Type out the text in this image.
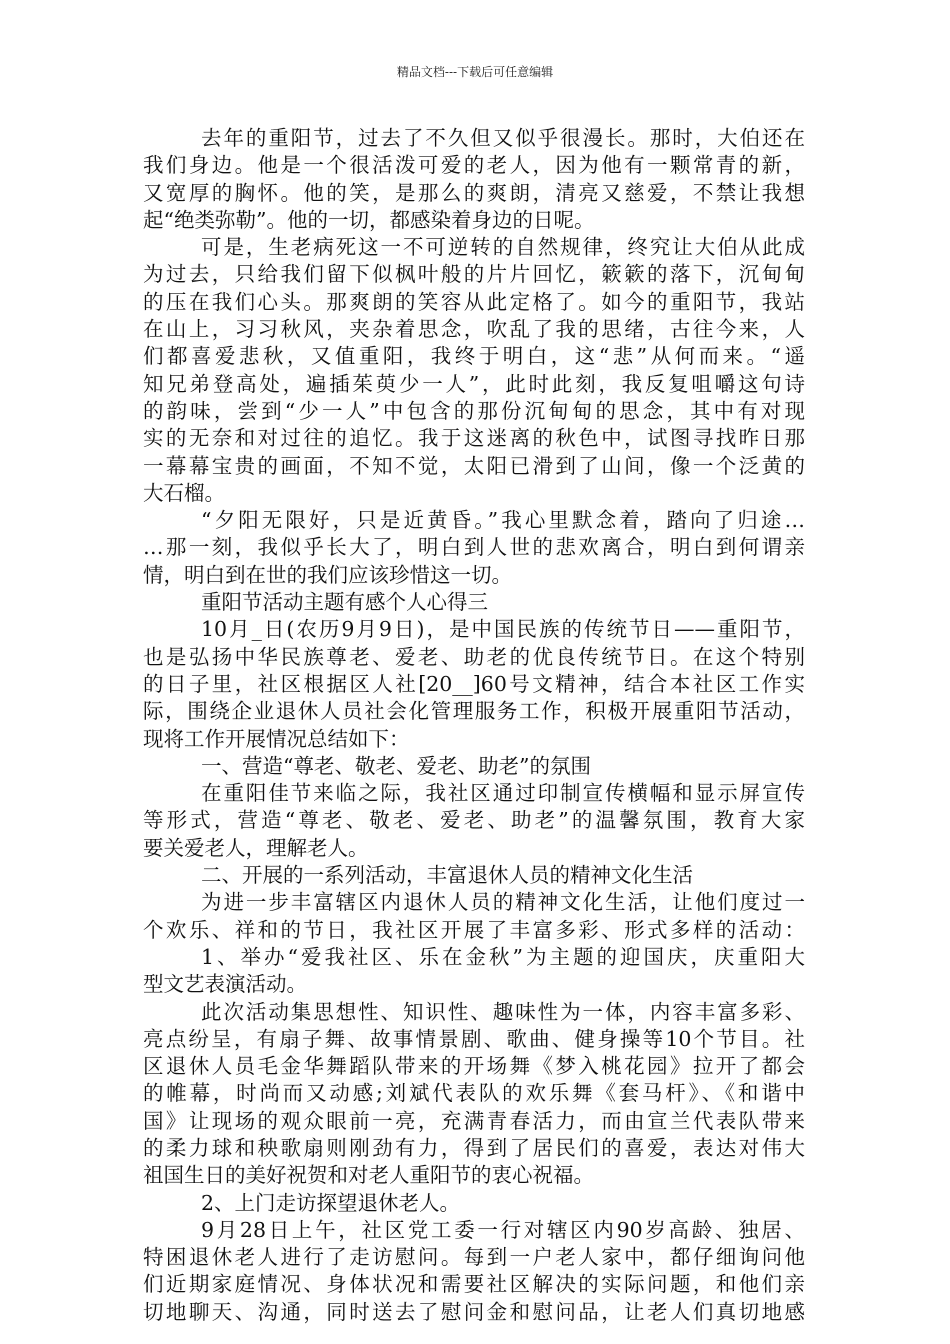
精品文档---下载后可任意编辑
去年的重阳节，过去了不久但又似乎很漫长。那时，大伯还在
我们身边。他是一个很活泼可爱的老人，因为他有一颗常青的新，
又宽厚的胸怀。他的笑，是那么的爽朗，清亮又慈爱，不禁让我想
起“绝类弥勒”。他的一切，都感染着身边的日呢。
可是，生老病死这一不可逆转的自然规律，终究让大伯从此成
为过去，只给我们留下似枫叶般的片片回忆，簌簌的落下，沉甸甸
的压在我们心头。那爽朗的笑容从此定格了。如今的重阳节，我站
在山上，习习秋风，夹杂着思念，吹乱了我的思绪，古往今来，人
们都喜爱悲秋，又值重阳，我终于明白，这“悲”从何而来。“遥
知兄弟登高处，遍插茱萸少一人”，此时此刻，我反复咀嚼这句诗
的韵味，尝到“少一人”中包含的那份沉甸甸的思念，其中有对现
实的无奈和对过往的追忆。我于这迷离的秋色中，试图寻找昨日那
一幕幕宝贵的画面，不知不觉，太阳已滑到了山间，像一个泛黄的
大石榴。
“夕阳无限好，只是近黄昏。”我心里默念着，踏向了归途…
…那一刻，我似乎长大了，明白到人世的悲欢离合，明白到何谓亲
情，明白到在世的我们应该珍惜这一切。
重阳节活动主题有感个人心得三
10月_日(农历9月9日)，是中国民族的传统节日——重阳节，
也是弘扬中华民族尊老、爱老、助老的优良传统节日。在这个特别
的日子里，社区根据区人社[20__]60号文精神，结合本社区工作实
际，围绕企业退休人员社会化管理服务工作，积极开展重阳节活动，
现将工作开展情况总结如下：
一、营造“尊老、敬老、爱老、助老”的氛围
在重阳佳节来临之际，我社区通过印制宣传横幅和显示屏宣传
等形式，营造“尊老、敬老、爱老、助老”的温馨氛围，教育大家
要关爱老人，理解老人。
二、开展的一系列活动，丰富退休人员的精神文化生活
为进一步丰富辖区内退休人员的精神文化生活，让他们度过一
个欢乐、祥和的节日，我社区开展了丰富多彩、形式多样的活动：
1、举办“爱我社区、乐在金秋”为主题的迎国庆，庆重阳大
型文艺表演活动。
此次活动集思想性、知识性、趣味性为一体，内容丰富多彩、
亮点纷呈，有扇子舞、故事情景剧、歌曲、健身操等10个节目。社
区退休人员毛金华舞蹈队带来的开场舞《梦入桃花园》拉开了都会
的帷幕，时尚而又动感;刘斌代表队的欢乐舞《套马杆》、《和谐中
国》让现场的观众眼前一亮，充满青春活力，而由宣兰代表队带来
的柔力球和秧歌扇则刚劲有力，得到了居民们的喜爱，表达对伟大
祖国生日的美好祝贺和对老人重阳节的衷心祝福。
2、上门走访探望退休老人。
9月28日上午，社区党工委一行对辖区内90岁高龄、独居、
特困退休老人进行了走访慰问。每到一户老人家中，都仔细询问他
们近期家庭情况、身体状况和需要社区解决的实际问题，和他们亲
切地聊天、沟通，同时送去了慰问金和慰问品，让老人们真切地感
